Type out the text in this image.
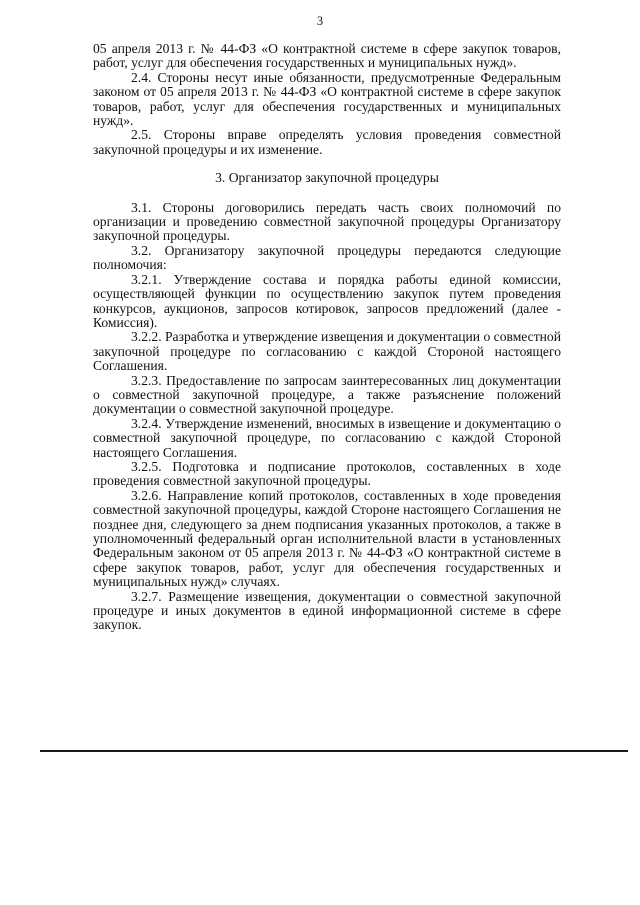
3

05 апреля 2013 г. № 44-ФЗ «О контрактной системе в сфере закупок товаров, работ, услуг для обеспечения государственных и муниципальных нужд».

2.4. Стороны несут иные обязанности, предусмотренные Федеральным законом от 05 апреля 2013 г. № 44-ФЗ «О контрактной системе в сфере закупок товаров, работ, услуг для обеспечения государственных и муниципальных нужд».

2.5. Стороны вправе определять условия проведения совместной закупочной процедуры и их изменение.

3. Организатор закупочной процедуры

3.1. Стороны договорились передать часть своих полномочий по организации и проведению совместной закупочной процедуры Организатору закупочной процедуры.

3.2. Организатору закупочной процедуры передаются следующие полномочия:

3.2.1. Утверждение состава и порядка работы единой комиссии, осуществляющей функции по осуществлению закупок путем проведения конкурсов, аукционов, запросов котировок, запросов предложений (далее - Комиссия).

3.2.2. Разработка и утверждение извещения и документации о совместной закупочной процедуре по согласованию с каждой Стороной настоящего Соглашения.

3.2.3. Предоставление по запросам заинтересованных лиц документации о совместной закупочной процедуре, а также разъяснение положений документации о совместной закупочной процедуре.

3.2.4. Утверждение изменений, вносимых в извещение и документацию о совместной закупочной процедуре, по согласованию с каждой Стороной настоящего Соглашения.

3.2.5. Подготовка и подписание протоколов, составленных в ходе проведения совместной закупочной процедуры.

3.2.6. Направление копий протоколов, составленных в ходе проведения совместной закупочной процедуры, каждой Стороне настоящего Соглашения не позднее дня, следующего за днем подписания указанных протоколов, а также в уполномоченный федеральный орган исполнительной власти в установленных Федеральным законом от 05 апреля 2013 г. № 44-ФЗ «О контрактной системе в сфере закупок товаров, работ, услуг для обеспечения государственных и муниципальных нужд» случаях.

3.2.7. Размещение извещения, документации о совместной закупочной процедуре и иных документов в единой информационной системе в сфере закупок.
